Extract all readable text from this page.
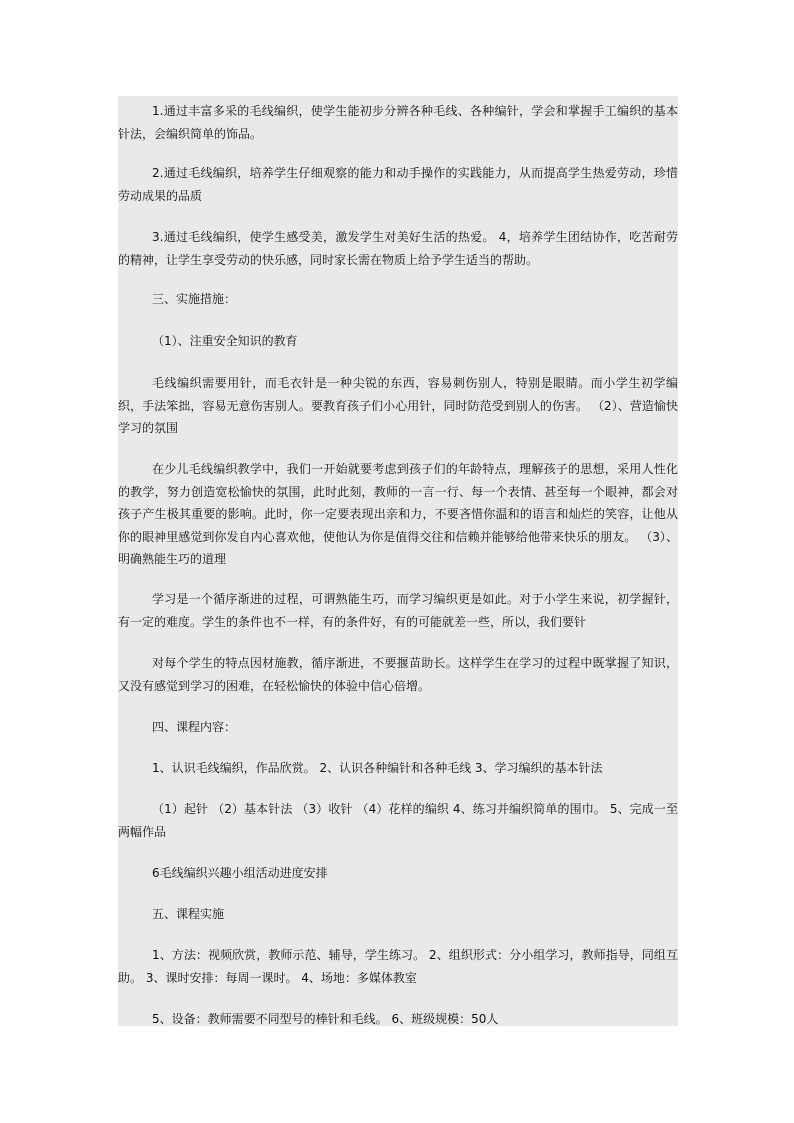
1.通过丰富多采的毛线编织，使学生能初步分辨各种毛线、各种编针，学会和掌握手工编织的基本针法，会编织简单的饰品。

2.通过毛线编织，培养学生仔细观察的能力和动手操作的实践能力，从而提高学生热爱劳动，珍惜劳动成果的品质

3.通过毛线编织，使学生感受美，激发学生对美好生活的热爱。 4，培养学生团结协作，吃苦耐劳的精神，让学生享受劳动的快乐感，同时家长需在物质上给予学生适当的帮助。

三、实施措施：

（1）、注重安全知识的教育

毛线编织需要用针，而毛衣针是一种尖锐的东西，容易刺伤别人，特别是眼睛。而小学生初学编织，手法笨拙，容易无意伤害别人。要教育孩子们小心用针，同时防范受到别人的伤害。 （2）、营造愉快学习的氛围

在少儿毛线编织教学中，我们一开始就要考虑到孩子们的年龄特点，理解孩子的思想，采用人性化的教学，努力创造宽松愉快的氛围，此时此刻，教师的一言一行、每一个表情、甚至每一个眼神，都会对孩子产生极其重要的影响。此时，你一定要表现出亲和力，不要吝惜你温和的语言和灿烂的笑容，让他从你的眼神里感觉到你发自内心喜欢他，使他认为你是值得交往和信赖并能够给他带来快乐的朋友。 （3）、明确熟能生巧的道理

学习是一个循序渐进的过程，可谓熟能生巧，而学习编织更是如此。对于小学生来说，初学握针，有一定的难度。学生的条件也不一样，有的条件好，有的可能就差一些，所以，我们要针

对每个学生的特点因材施教，循序渐进，不要揠苗助长。这样学生在学习的过程中既掌握了知识，又没有感觉到学习的困难，在轻松愉快的体验中信心倍增。

四、课程内容：

1、认识毛线编织，作品欣赏。 2、认识各种编针和各种毛线 3、学习编织的基本针法

（1）起针 （2）基本针法 （3）收针 （4）花样的编织 4、练习并编织简单的围巾。 5、完成一至两幅作品

6毛线编织兴趣小组活动进度安排

五、课程实施

1、方法：视频欣赏，教师示范、辅导，学生练习。 2、组织形式：分小组学习，教师指导，同组互助。 3、课时安排：每周一课时。 4、场地：多媒体教室

5、设备：教师需要不同型号的棒针和毛线。 6、班级规模：50人
